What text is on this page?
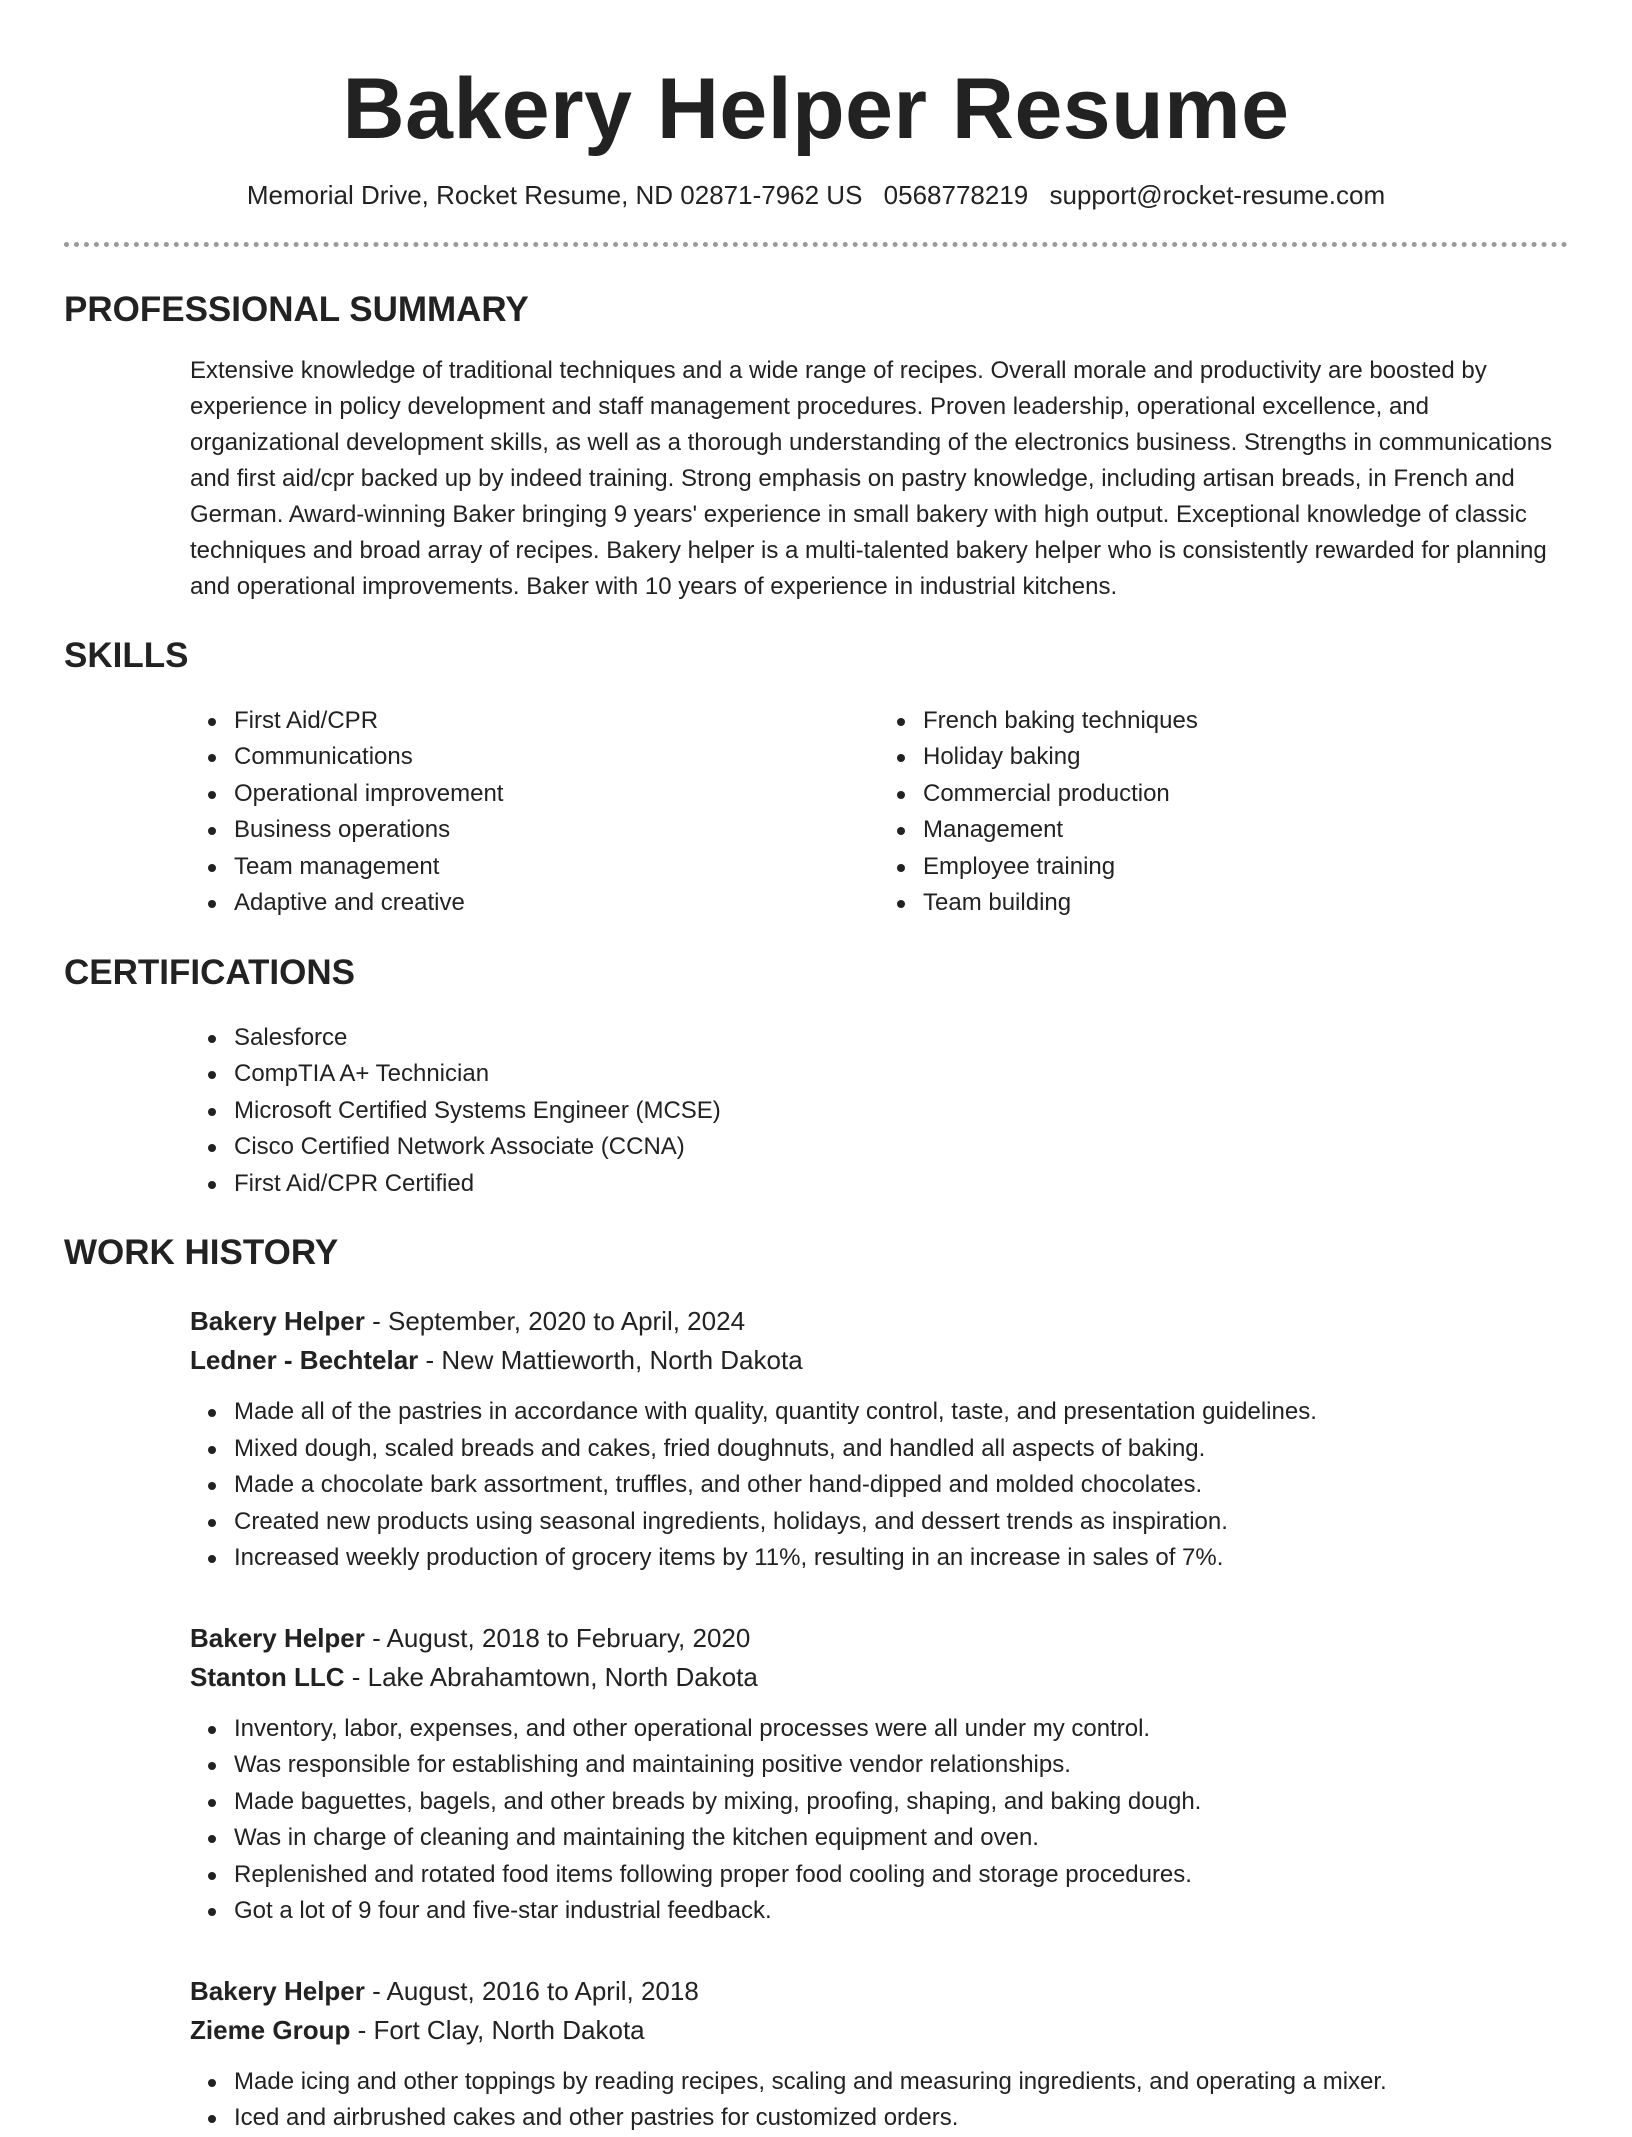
Bakery Helper Resume
Memorial Drive, Rocket Resume, ND 02871-7962 US 0568778219 support@rocket-resume.com
PROFESSIONAL SUMMARY

Extensive knowledge of traditional techniques and a wide range of recipes. Overall morale and productivity are boosted by experience in policy development and staff management procedures. Proven leadership, operational excellence, and organizational development skills, as well as a thorough understanding of the electronics business. Strengths in communications and first aid/cpr backed up by indeed training. Strong emphasis on pastry knowledge, including artisan breads, in French and German. Award-winning Baker bringing 9 years' experience in small bakery with high output. Exceptional knowledge of classic techniques and broad array of recipes. Bakery helper is a multi-talented bakery helper who is consistently rewarded for planning and operational improvements. Baker with 10 years of experience in industrial kitchens.

SKILLS
First Aid/CPR
Communications
Operational improvement
Business operations
Team management
Adaptive and creative
French baking techniques
Holiday baking
Commercial production
Management
Employee training
Team building
CERTIFICATIONS
Salesforce
CompTIA A+ Technician
Microsoft Certified Systems Engineer (MCSE)
Cisco Certified Network Associate (CCNA)
First Aid/CPR Certified
WORK HISTORY
Bakery Helper - September, 2020 to April, 2024
Ledner - Bechtelar - New Mattieworth, North Dakota
Made all of the pastries in accordance with quality, quantity control, taste, and presentation guidelines.
Mixed dough, scaled breads and cakes, fried doughnuts, and handled all aspects of baking.
Made a chocolate bark assortment, truffles, and other hand-dipped and molded chocolates.
Created new products using seasonal ingredients, holidays, and dessert trends as inspiration.
Increased weekly production of grocery items by 11%, resulting in an increase in sales of 7%.
Bakery Helper - August, 2018 to February, 2020
Stanton LLC - Lake Abrahamtown, North Dakota
Inventory, labor, expenses, and other operational processes were all under my control.
Was responsible for establishing and maintaining positive vendor relationships.
Made baguettes, bagels, and other breads by mixing, proofing, shaping, and baking dough.
Was in charge of cleaning and maintaining the kitchen equipment and oven.
Replenished and rotated food items following proper food cooling and storage procedures.
Got a lot of 9 four and five-star industrial feedback.
Bakery Helper - August, 2016 to April, 2018
Zieme Group - Fort Clay, North Dakota
Made icing and other toppings by reading recipes, scaling and measuring ingredients, and operating a mixer.
Iced and airbrushed cakes and other pastries for customized orders.
